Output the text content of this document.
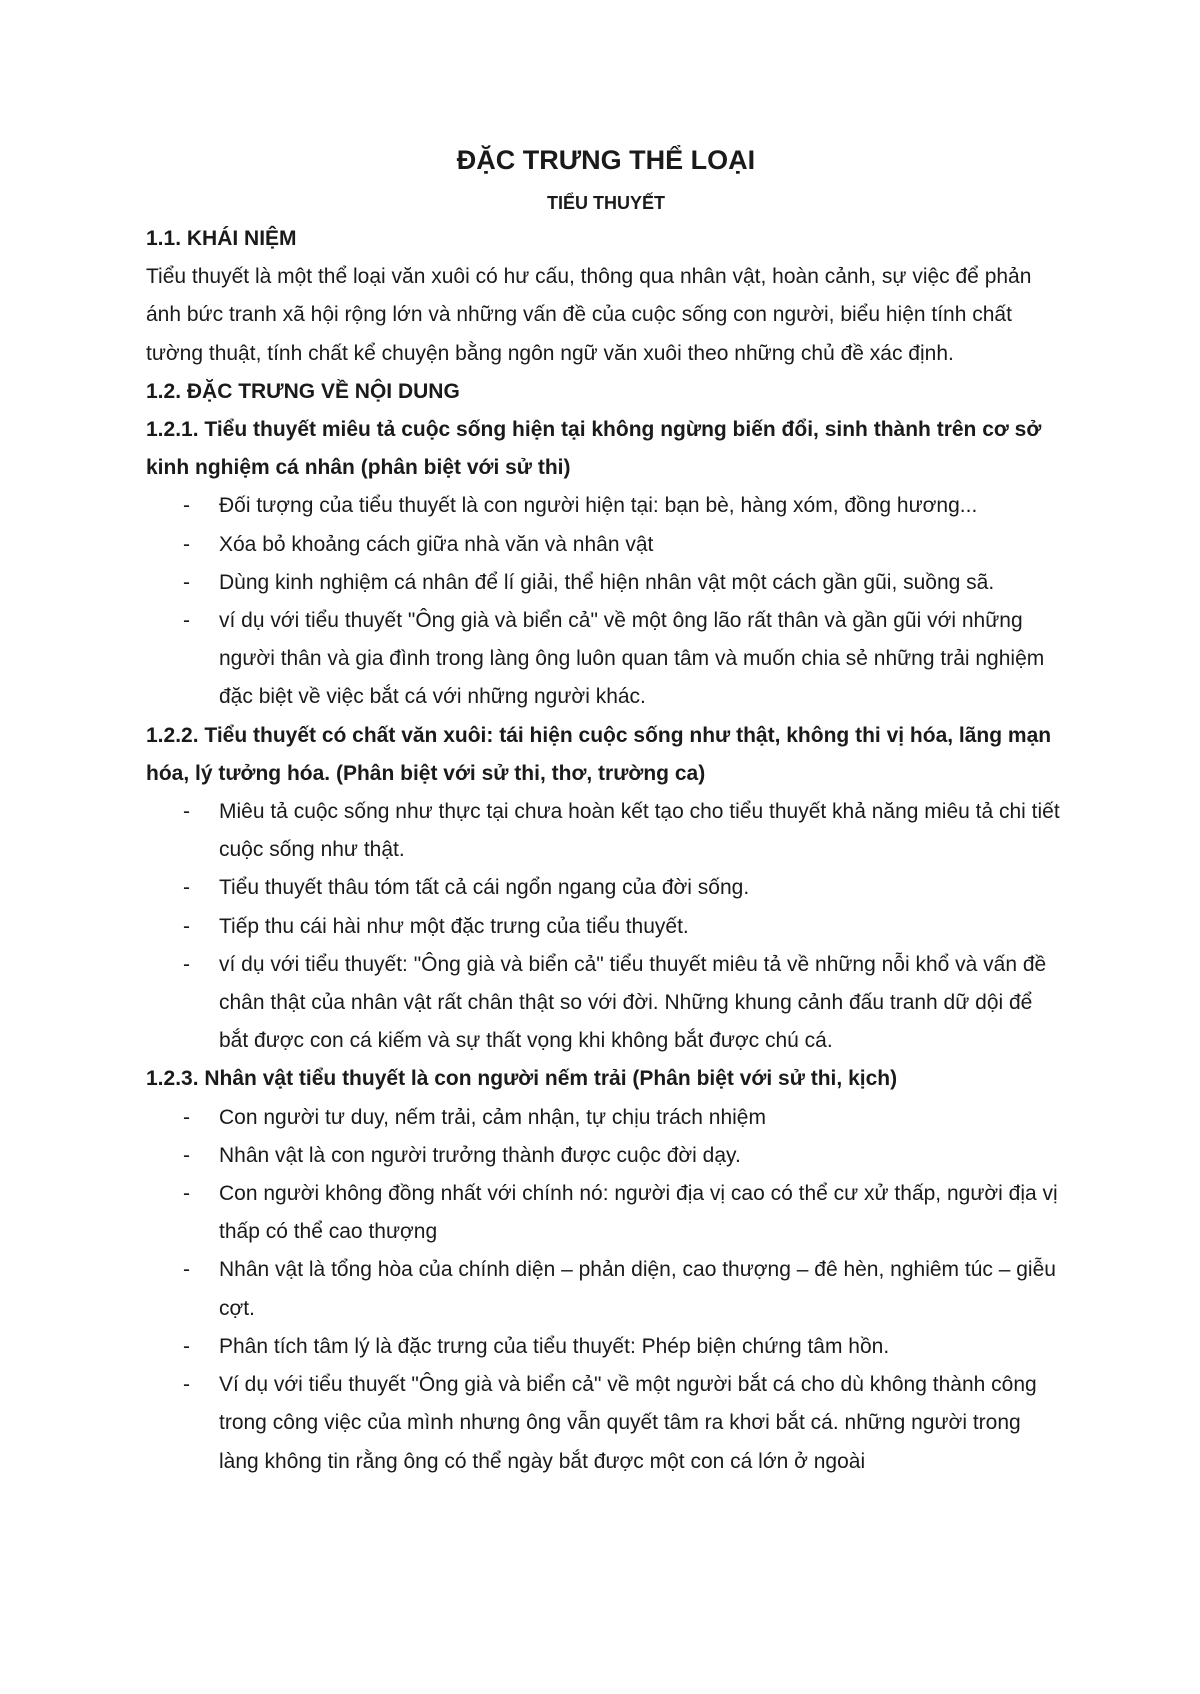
ĐẶC TRƯNG THỂ LOẠI
TIỂU THUYẾT

1.1. KHÁI NIỆM

Tiểu thuyết là một thể loại văn xuôi có hư cấu, thông qua nhân vật, hoàn cảnh, sự việc để phản ánh bức tranh xã hội rộng lớn và những vấn đề của cuộc sống con người, biểu hiện tính chất tường thuật, tính chất kể chuyện bằng ngôn ngữ văn xuôi theo những chủ đề xác định.

1.2. ĐẶC TRƯNG VỀ NỘI DUNG

1.2.1. Tiểu thuyết miêu tả cuộc sống hiện tại không ngừng biến đổi, sinh thành trên cơ sở kinh nghiệm cá nhân (phân biệt với sử thi)

- Đối tượng của tiểu thuyết là con người hiện tại: bạn bè, hàng xóm, đồng hương...
- Xóa bỏ khoảng cách giữa nhà văn và nhân vật
- Dùng kinh nghiệm cá nhân để lí giải, thể hiện nhân vật một cách gần gũi, suồng sã.
- ví dụ với tiểu thuyết "Ông già và biển cả" về một ông lão rất thân và gần gũi với những người thân và gia đình trong làng ông luôn quan tâm và muốn chia sẻ những trải nghiệm đặc biệt về việc bắt cá với những người khác.

1.2.2. Tiểu thuyết có chất văn xuôi: tái hiện cuộc sống như thật, không thi vị hóa, lãng mạn hóa, lý tưởng hóa. (Phân biệt với sử thi, thơ, trường ca)

- Miêu tả cuộc sống như thực tại chưa hoàn kết tạo cho tiểu thuyết khả năng miêu tả chi tiết cuộc sống như thật.
- Tiểu thuyết thâu tóm tất cả cái ngổn ngang của đời sống.
- Tiếp thu cái hài như một đặc trưng của tiểu thuyết.
- ví dụ với tiểu thuyết: "Ông già và biển cả" tiểu thuyết miêu tả về những nỗi khổ và vấn đề chân thật của nhân vật rất chân thật so với đời. Những khung cảnh đấu tranh dữ dội để bắt được con cá kiếm và sự thất vọng khi không bắt được chú cá.

1.2.3. Nhân vật tiểu thuyết là con người nếm trải (Phân biệt với sử thi, kịch)

- Con người tư duy, nếm trải, cảm nhận, tự chịu trách nhiệm
- Nhân vật là con người trưởng thành được cuộc đời dạy.
- Con người không đồng nhất với chính nó: người địa vị cao có thể cư xử thấp, người địa vị thấp có thể cao thượng
- Nhân vật là tổng hòa của chính diện – phản diện, cao thượng – đê hèn, nghiêm túc – giễu cợt.
- Phân tích tâm lý là đặc trưng của tiểu thuyết: Phép biện chứng tâm hồn.
- Ví dụ với tiểu thuyết "Ông già và biển cả" về một người bắt cá cho dù không thành công trong công việc của mình nhưng ông vẫn quyết tâm ra khơi bắt cá. những người trong làng không tin rằng ông có thể ngày bắt được một con cá lớn ở ngoài
